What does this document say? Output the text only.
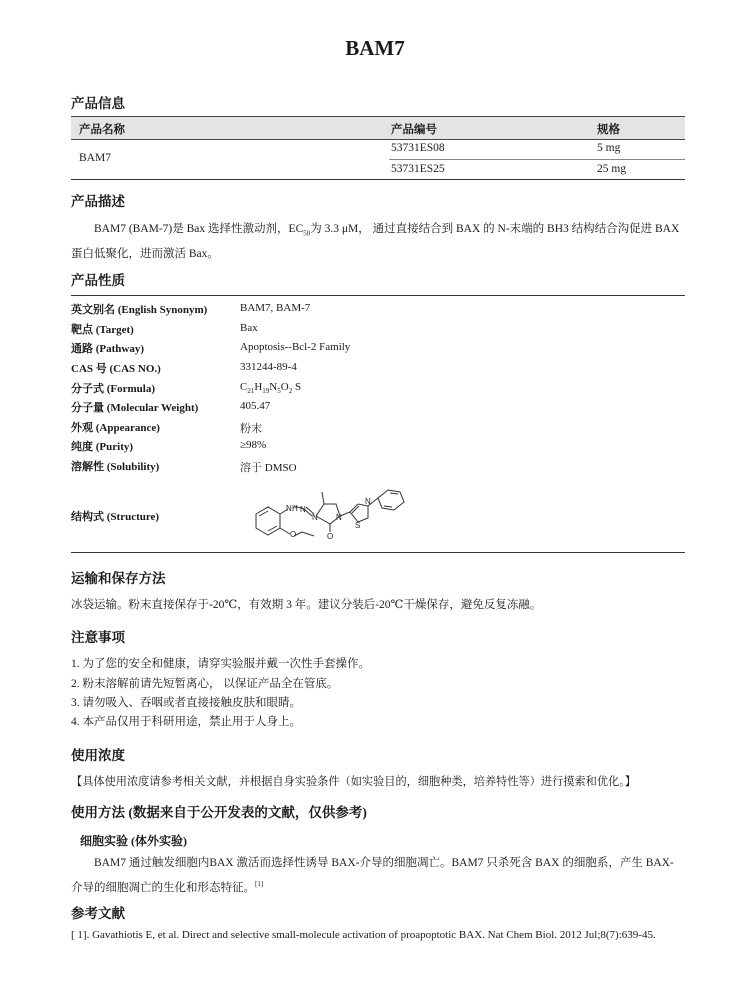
BAM7
产品信息
产品名称	产品编号	规格
BAM7
53731ES08	5 mg
53731ES25	25 mg
产品描述
BAM7 (BAM-7)是 Bax 选择性激动剂，$EC_{50}$为 3.3 μM， 通过直接结合到 BAX 的 N-末端的 BH3 结构结合沟促进 BAX 蛋白低聚化，进而激活 Bax。
产品性质
英文别名 (English Synonym)	BAM7, BAM-7
靶点 (Target)	Bax
通路 (Pathway)	Apoptosis--Bcl-2 Family
CAS 号 (CAS NO.)	331244-89-4
分子式 (Formula)	$C_{21}H_{19}N_5O_2$ S
分子量 (Molecular Weight)	405.47
外观 (Appearance)	粉末
纯度 (Purity)	≥98%
溶解性 (Solubility)	溶于 DMSO
结构式 (Structure)
N H N
N N
O	O
S
N
运输和保存方法
冰袋运输。粉末直接保存于-20℃，有效期 3 年。建议分装后-20℃干燥保存，避免反复冻融。
注意事项
1. 为了您的安全和健康，请穿实验服并戴一次性手套操作。
2. 粉末溶解前请先短暂离心， 以保证产品全在管底。
3. 请勿吸入、吞咽或者直接接触皮肤和眼睛。
4. 本产品仅用于科研用途，禁止用于人身上。
使用浓度
【具体使用浓度请参考相关文献，并根据自身实验条件（如实验目的，细胞种类，培养特性等）进行摸索和优化。】
使用方法 (数据来自于公开发表的文献，仅供参考)
细胞实验 (体外实验)
BAM7 通过触发细胞内BAX 激活而选择性诱导 BAX-介导的细胞凋亡。BAM7 只杀死含 BAX 的细胞系，产生 BAX-介导的细胞凋亡的生化和形态特征。[1]
参考文献
[ 1]. Gavathiotis E, et al. Direct and selective small-molecule activation of proapoptotic BAX. Nat Chem Biol. 2012 Jul;8(7):639-45.
